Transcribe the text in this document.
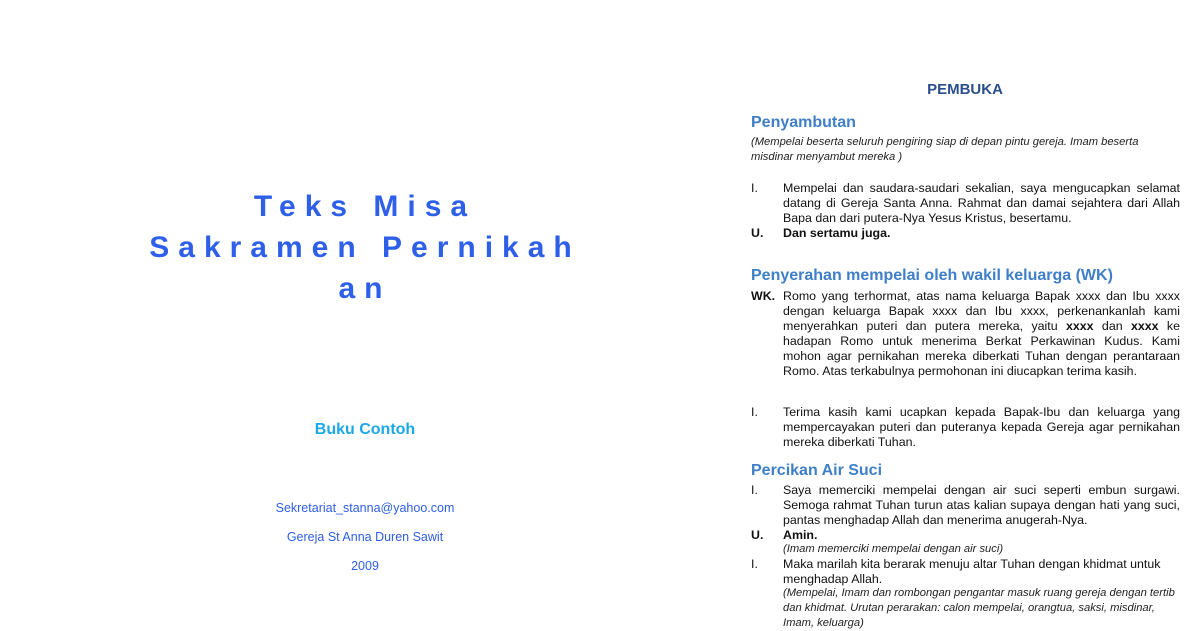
Teks Misa
Sakramen Pernikah
an
Buku Contoh
Sekretariat_stanna@yahoo.com
Gereja St Anna Duren Sawit
2009
PEMBUKA
Penyambutan
(Mempelai beserta seluruh pengiring siap di depan pintu gereja. Imam beserta misdinar menyambut mereka )
I. Mempelai dan saudara-saudari sekalian, saya mengucapkan selamat datang di Gereja Santa Anna. Rahmat dan damai sejahtera dari Allah Bapa dan dari putera-Nya Yesus Kristus, besertamu.
U. Dan sertamu juga.
Penyerahan mempelai oleh wakil keluarga (WK)
WK. Romo yang terhormat, atas nama keluarga Bapak xxxx dan Ibu xxxx dengan keluarga Bapak xxxx dan Ibu xxxx, perkenankanlah kami menyerahkan puteri dan putera mereka, yaitu xxxx dan xxxx ke hadapan Romo untuk menerima Berkat Perkawinan Kudus. Kami mohon agar pernikahan mereka diberkati Tuhan dengan perantaraan Romo. Atas terkabulnya permohonan ini diucapkan terima kasih.
I. Terima kasih kami ucapkan kepada Bapak-Ibu dan keluarga yang mempercayakan puteri dan puteranya kepada Gereja agar pernikahan mereka diberkati Tuhan.
Percikan Air Suci
I. Saya memerciki mempelai dengan air suci seperti embun surgawi. Semoga rahmat Tuhan turun atas kalian supaya dengan hati yang suci, pantas menghadap Allah dan menerima anugerah-Nya.
U. Amin.
(Imam memerciki mempelai dengan air suci)
I. Maka marilah kita berarak menuju altar Tuhan dengan khidmat untuk menghadap Allah.
(Mempelai, Imam dan rombongan pengantar masuk ruang gereja dengan tertib dan khidmat. Urutan perarakan: calon mempelai, orangtua, saksi, misdinar, Imam, keluarga)
